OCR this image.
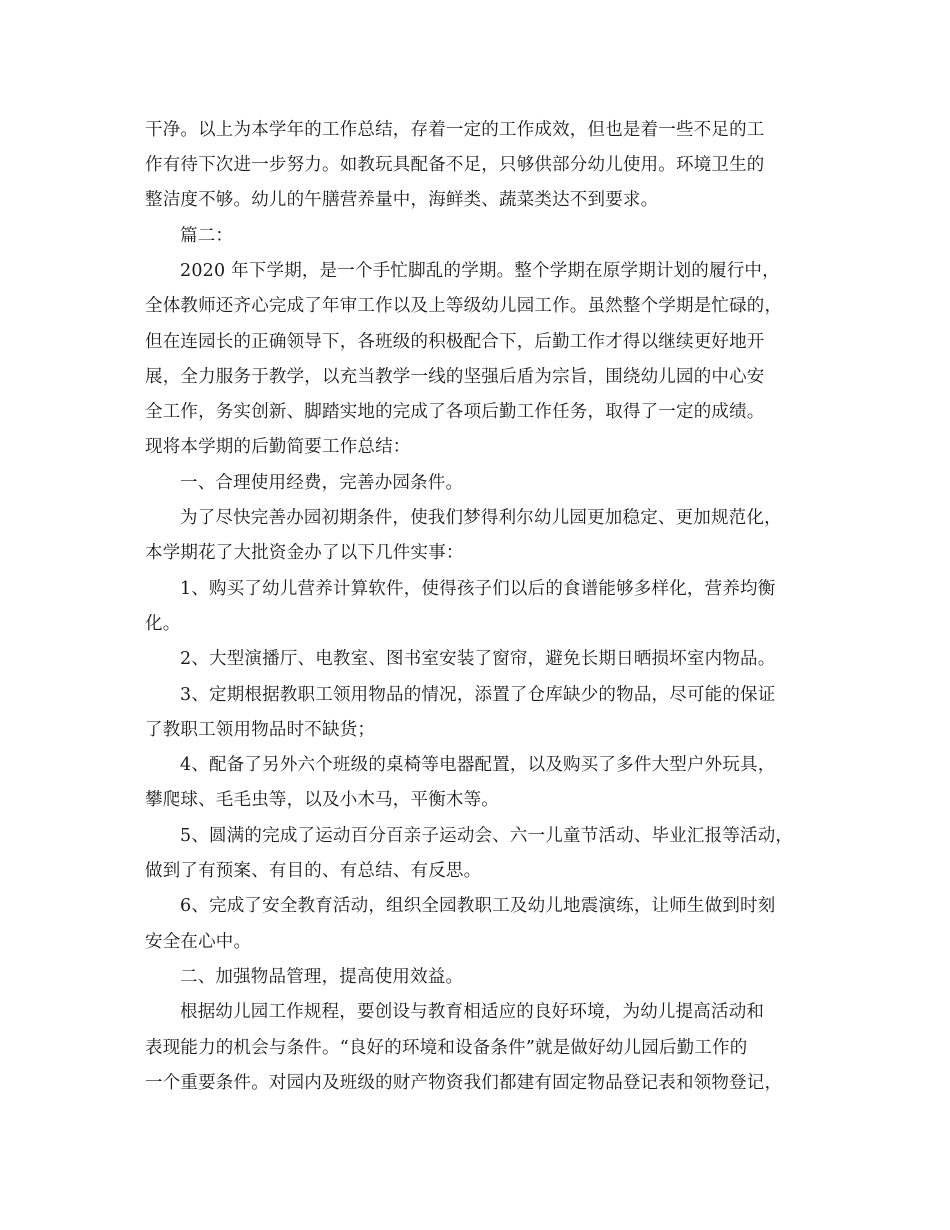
干净。以上为本学年的工作总结，存着一定的工作成效，但也是着一些不足的工
作有待下次进一步努力。如教玩具配备不足，只够供部分幼儿使用。环境卫生的
整洁度不够。幼儿的午膳营养量中，海鲜类、蔬菜类达不到要求。
篇二：
2020 年下学期，是一个手忙脚乱的学期。整个学期在原学期计划的履行中，
全体教师还齐心完成了年审工作以及上等级幼儿园工作。虽然整个学期是忙碌的，
但在连园长的正确领导下，各班级的积极配合下，后勤工作才得以继续更好地开
展，全力服务于教学，以充当教学一线的坚强后盾为宗旨，围绕幼儿园的中心安
全工作，务实创新、脚踏实地的完成了各项后勤工作任务，取得了一定的成绩。
现将本学期的后勤简要工作总结：
一、合理使用经费，完善办园条件。
为了尽快完善办园初期条件，使我们梦得利尔幼儿园更加稳定、更加规范化，
本学期花了大批资金办了以下几件实事：
1、购买了幼儿营养计算软件，使得孩子们以后的食谱能够多样化，营养均衡
化。
2、大型演播厅、电教室、图书室安装了窗帘，避免长期日晒损坏室内物品。
3、定期根据教职工领用物品的情况，添置了仓库缺少的物品，尽可能的保证
了教职工领用物品时不缺货；
4、配备了另外六个班级的桌椅等电器配置，以及购买了多件大型户外玩具，
攀爬球、毛毛虫等，以及小木马，平衡木等。
5、圆满的完成了运动百分百亲子运动会、六一儿童节活动、毕业汇报等活动，
做到了有预案、有目的、有总结、有反思。
6、完成了安全教育活动，组织全园教职工及幼儿地震演练，让师生做到时刻
安全在心中。
二、加强物品管理，提高使用效益。
根据幼儿园工作规程，要创设与教育相适应的良好环境，为幼儿提高活动和
表现能力的机会与条件。“良好的环境和设备条件”就是做好幼儿园后勤工作的
一个重要条件。对园内及班级的财产物资我们都建有固定物品登记表和领物登记，
